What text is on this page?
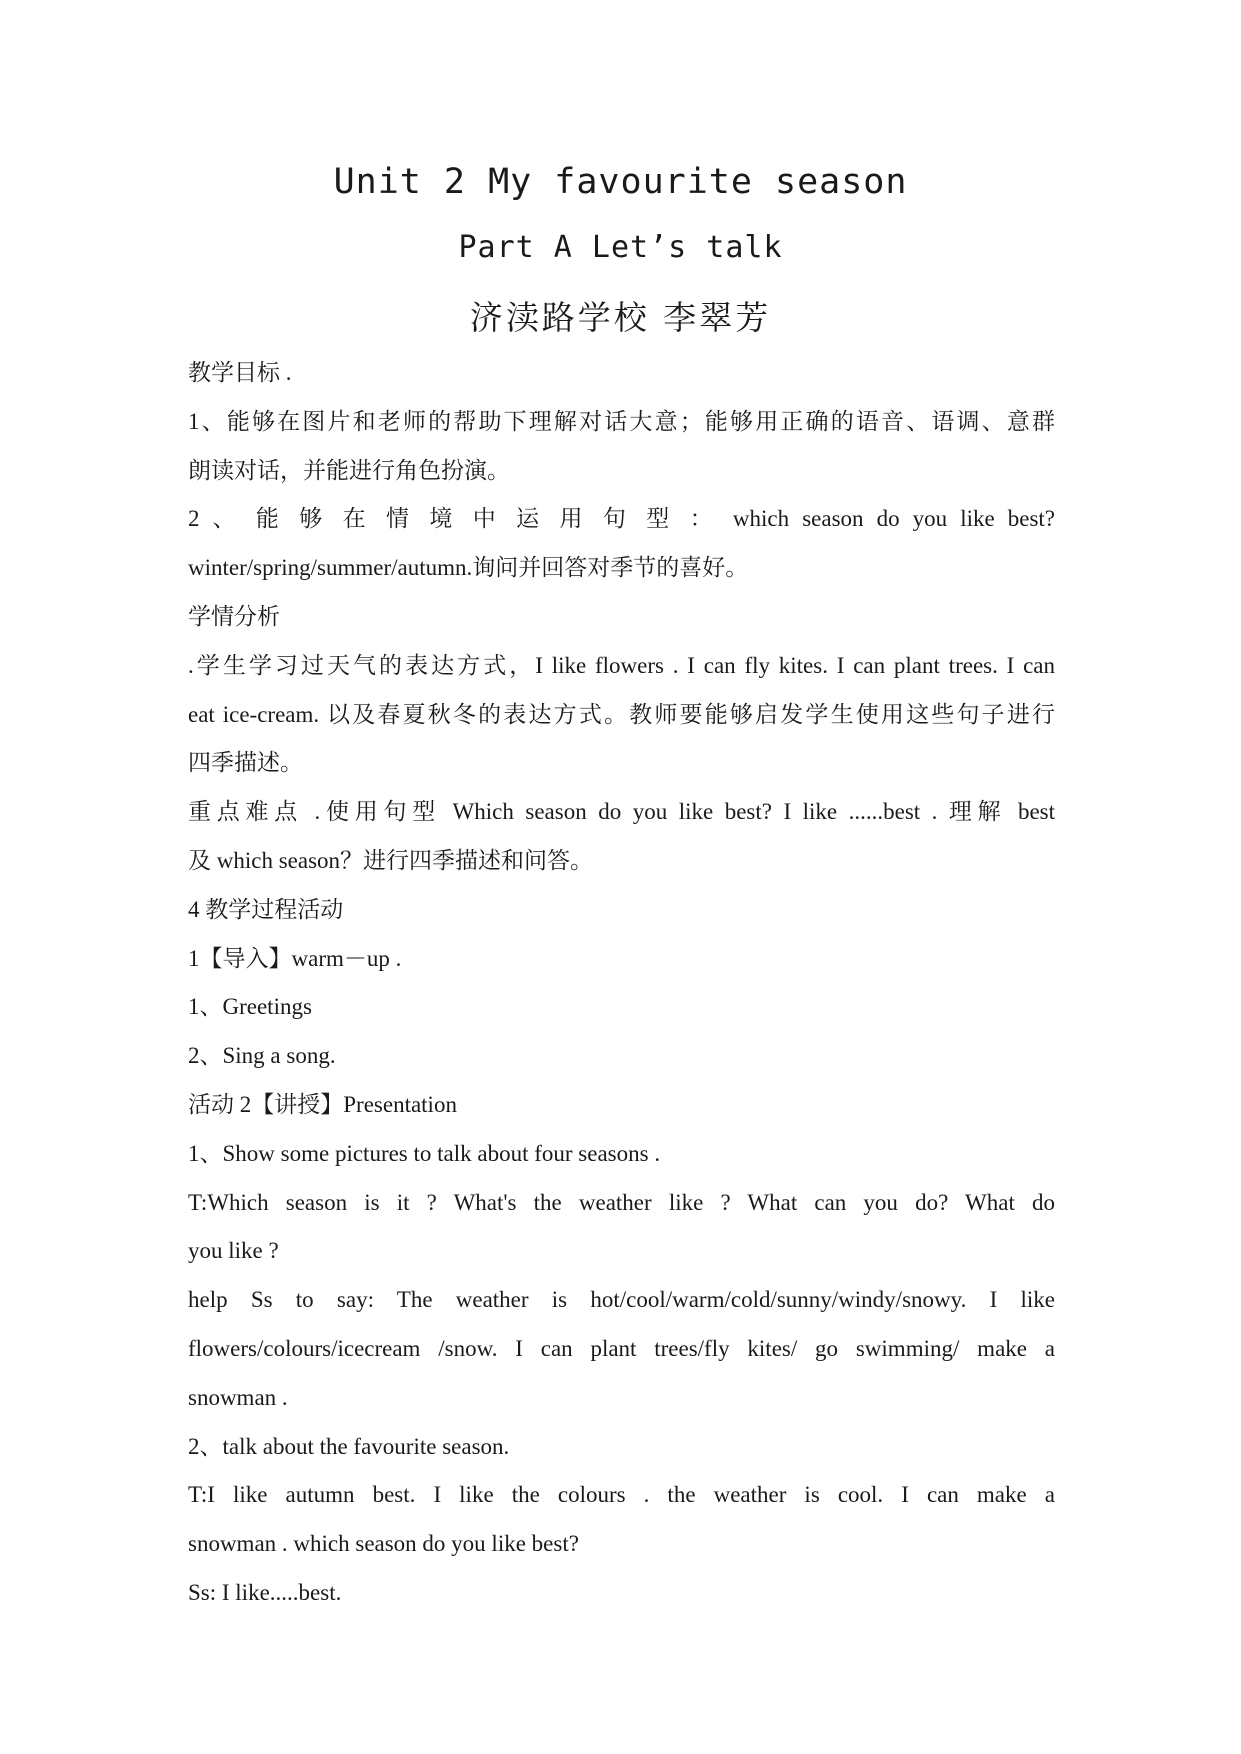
Unit 2 My favourite season
Part A Let’s talk
济渎路学校 李翠芳

教学目标 .

1、能够在图片和老师的帮助下理解对话大意；能够用正确的语音、语调、意群

朗读对话，并能进行角色扮演。

2 、 能 够 在 情 境 中 运 用 句 型 ： which season do you like best?

winter/spring/summer/autumn.询问并回答对季节的喜好。

学情分析

.学生学习过天气的表达方式，I like flowers . I can fly kites. I can plant trees. I can

eat ice-cream. 以及春夏秋冬的表达方式。教师要能够启发学生使用这些句子进行

四季描述。

重点难点 .使用句型 Which season do you like best? I like ......best . 理解 best

及 which season？进行四季描述和问答。

4 教学过程活动

1【导入】warm－up .

1、Greetings

2、Sing a song.

活动 2【讲授】Presentation

1、Show some pictures to talk about four seasons .

T:Which season is it ? What's the weather like ? What can you do? What do

you like ?

help Ss to say: The weather is hot/cool/warm/cold/sunny/windy/snowy. I like

flowers/colours/icecream /snow. I can plant trees/fly kites/ go swimming/ make a

snowman .

2、talk about the favourite season.

T:I like autumn best. I like the colours . the weather is cool. I can make a

snowman . which season do you like best?

Ss: I like.....best.
